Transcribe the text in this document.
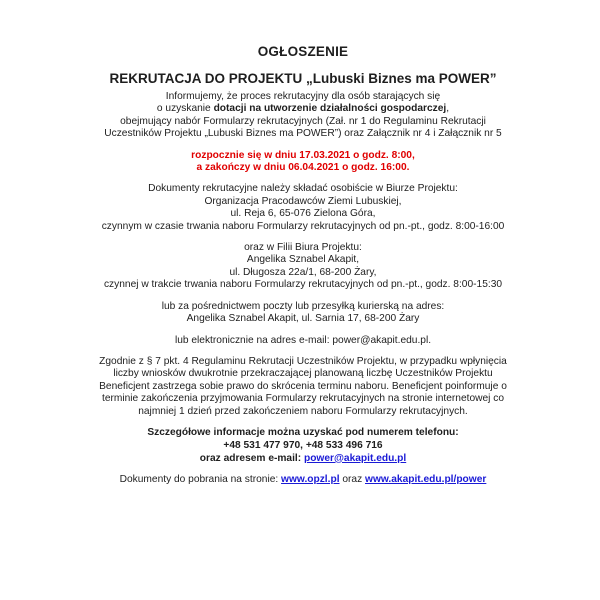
OGŁOSZENIE
REKRUTACJA DO PROJEKTU „Lubuski Biznes ma POWER”

Informujemy, że proces rekrutacyjny dla osób starających się

o uzyskanie dotacji na utworzenie działalności gospodarczej,

obejmujący nabór Formularzy rekrutacyjnych (Zał. nr 1 do Regulaminu Rekrutacji

Uczestników Projektu „Lubuski Biznes ma POWER”) oraz Załącznik nr 4 i Załącznik nr 5

rozpocznie się w dniu 17.03.2021 o godz. 8:00,

a zakończy w dniu 06.04.2021 o godz. 16:00.

Dokumenty rekrutacyjne należy składać osobiście w Biurze Projektu:

Organizacja Pracodawców Ziemi Lubuskiej,

ul. Reja 6, 65-076 Zielona Góra,

czynnym w czasie trwania naboru Formularzy rekrutacyjnych od pn.-pt., godz. 8:00-16:00

oraz w Filii Biura Projektu:

Angelika Sznabel Akapit,

ul. Długosza 22a/1, 68-200 Żary,

czynnej w trakcie trwania naboru Formularzy rekrutacyjnych od pn.-pt., godz. 8:00-15:30

lub za pośrednictwem poczty lub przesyłką kurierską na adres:

Angelika Sznabel Akapit, ul. Sarnia 17, 68-200 Żary

lub elektronicznie na adres e-mail: power@akapit.edu.pl.

Zgodnie z § 7 pkt. 4 Regulaminu Rekrutacji Uczestników Projektu, w przypadku wpłynięcia

liczby wniosków dwukrotnie przekraczającej planowaną liczbę Uczestników Projektu

Beneficjent zastrzega sobie prawo do skrócenia terminu naboru. Beneficjent poinformuje o

terminie zakończenia przyjmowania Formularzy rekrutacyjnych na stronie internetowej co

najmniej 1 dzień przed zakończeniem naboru Formularzy rekrutacyjnych.

Szczegółowe informacje można uzyskać pod numerem telefonu:

+48 531 477 970, +48 533 496 716

oraz adresem e-mail: power@akapit.edu.pl

Dokumenty do pobrania na stronie: www.opzl.pl oraz www.akapit.edu.pl/power
